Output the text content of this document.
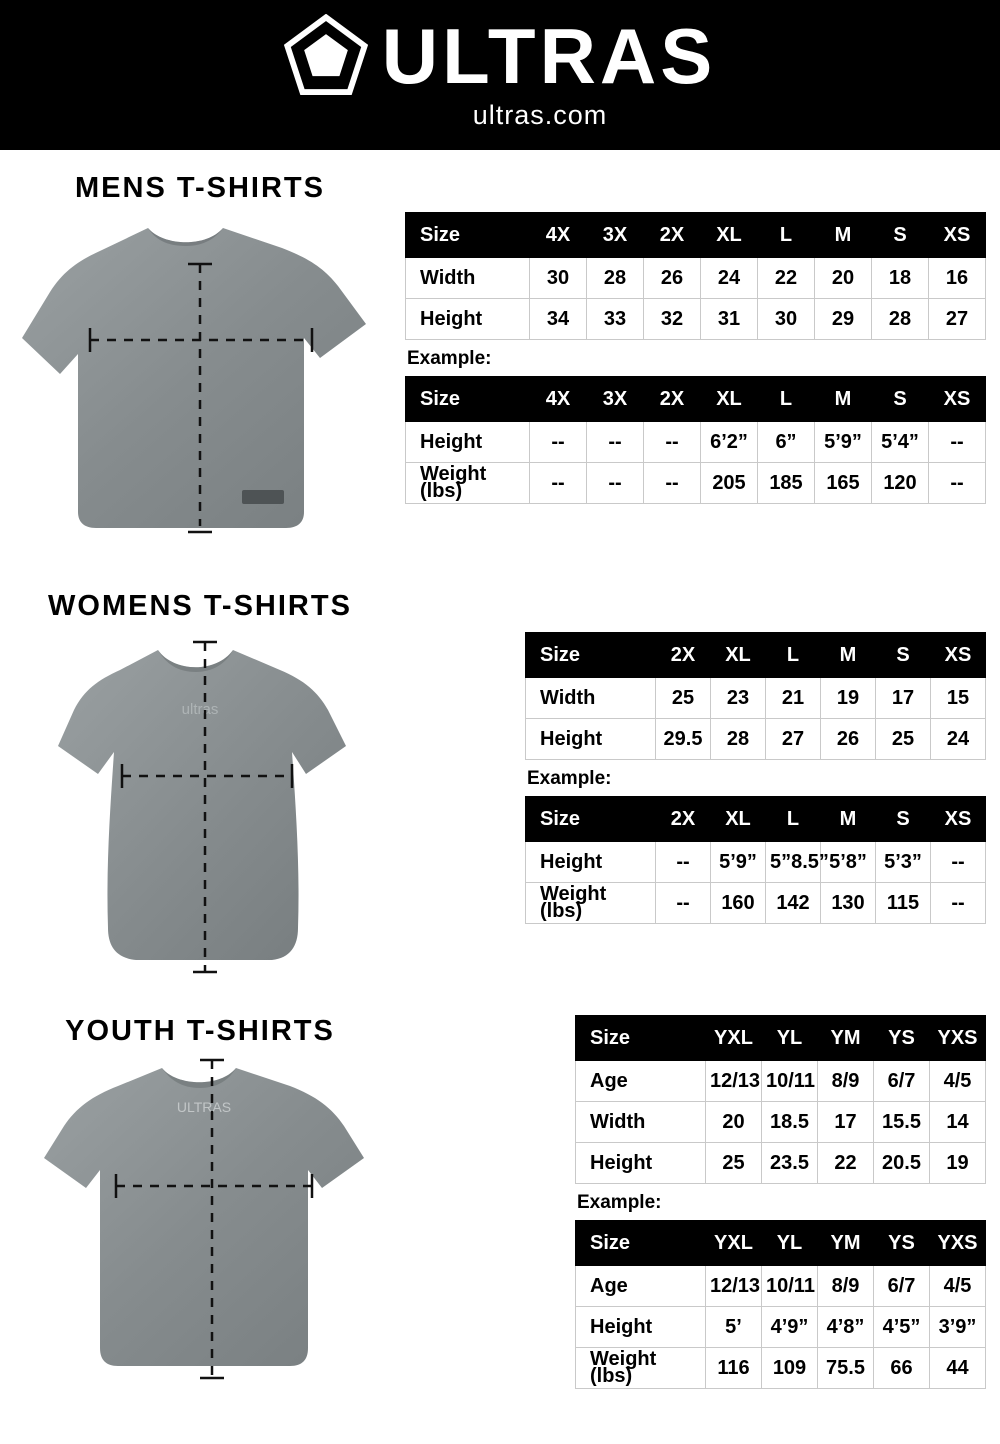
ULTRAS
ultras.com
MENS T-SHIRTS
Size	4X	3X	2X	XL	L	M	S	XS
Width	30	28	26	24	22	20	18	16
Height	34	33	32	31	30	29	28	27
Example:
Size	4X	3X	2X	XL	L	M	S	XS
Height	--	--	--	6’2”	6”	5’9”	5’4”	--
Weight (lbs)	--	--	--	205	185	165	120	--
WOMENS T-SHIRTS
ultras
Size	2X	XL	L	M	S	XS
Width	25	23	21	19	17	15
Height	29.5	28	27	26	25	24
Example:
Size	2X	XL	L	M	S	XS
Height	--	5’9”	5”8.5”	5’8”	5’3”	--
Weight (lbs)	--	160	142	130	115	--
YOUTH T-SHIRTS
ULTRAS
Size	YXL	YL	YM	YS	YXS
Age	12/13	10/11	8/9	6/7	4/5
Width	20	18.5	17	15.5	14
Height	25	23.5	22	20.5	19
Example:
Size	YXL	YL	YM	YS	YXS
Age	12/13	10/11	8/9	6/7	4/5
Height	5’	4’9”	4’8”	4’5”	3’9”
Weight (lbs)	116	109	75.5	66	44
